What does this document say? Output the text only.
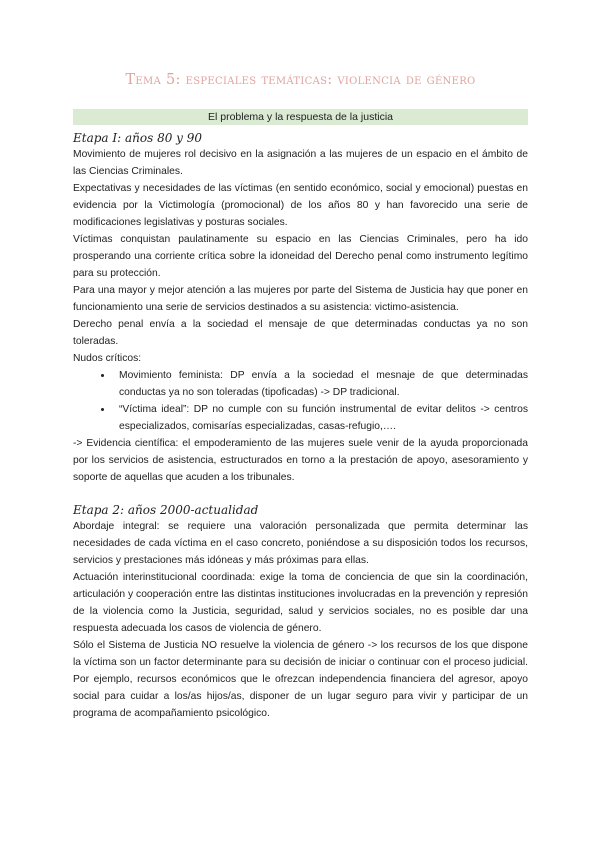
Tema 5: especiales temáticas: violencia de género
El problema y la respuesta de la justicia
Etapa I: años 80 y 90

Movimiento de mujeres rol decisivo en la asignación a las mujeres de un espacio en el ámbito de las Ciencias Criminales.

Expectativas y necesidades de las víctimas (en sentido económico, social y emocional) puestas en evidencia por la Victimología (promocional) de los años 80 y han favorecido una serie de modificaciones legislativas y posturas sociales.

Víctimas conquistan paulatinamente su espacio en las Ciencias Criminales, pero ha ido prosperando una corriente crítica sobre la idoneidad del Derecho penal como instrumento legítimo para su protección.

Para una mayor y mejor atención a las mujeres por parte del Sistema de Justicia hay que poner en funcionamiento una serie de servicios destinados a su asistencia: victimo-asistencia.

Derecho penal envía a la sociedad el mensaje de que determinadas conductas ya no son toleradas.

Nudos críticos:

• Movimiento feminista: DP envía a la sociedad el mesnaje de que determinadas conductas ya no son toleradas (tipoficadas) -> DP tradicional.
• “Víctima ideal”: DP no cumple con su función instrumental de evitar delitos -> centros especializados, comisarías especializadas, casas-refugio,….

-> Evidencia científica: el empoderamiento de las mujeres suele venir de la ayuda proporcionada por los servicios de asistencia, estructurados en torno a la prestación de apoyo, asesoramiento y soporte de aquellas que acuden a los tribunales.

Etapa 2: años 2000-actualidad

Abordaje integral: se requiere una valoración personalizada que permita determinar las necesidades de cada víctima en el caso concreto, poniéndose a su disposición todos los recursos, servicios y prestaciones más idóneas y más próximas para ellas.

Actuación interinstitucional coordinada: exige la toma de conciencia de que sin la coordinación, articulación y cooperación entre las distintas instituciones involucradas en la prevención y represión de la violencia como la Justicia, seguridad, salud y servicios sociales, no es posible dar una respuesta adecuada los casos de violencia de género.

Sólo el Sistema de Justicia NO resuelve la violencia de género -> los recursos de los que dispone la víctima son un factor determinante para su decisión de iniciar o continuar con el proceso judicial. Por ejemplo, recursos económicos que le ofrezcan independencia financiera del agresor, apoyo social para cuidar a los/as hijos/as, disponer de un lugar seguro para vivir y participar de un programa de acompañamiento psicológico.
